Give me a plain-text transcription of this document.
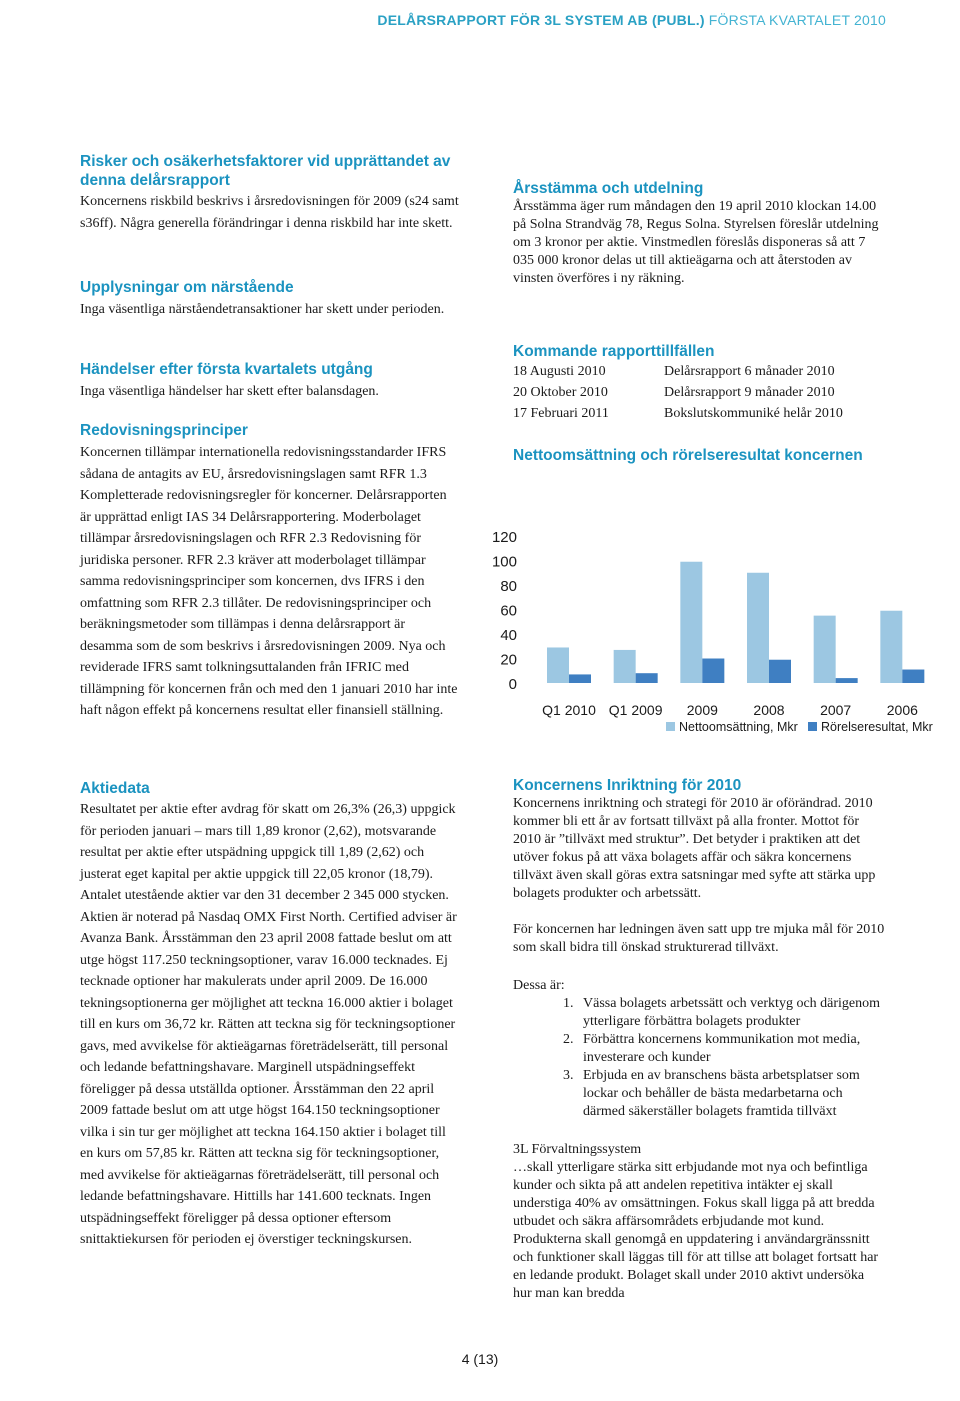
DELÅRSRAPPORT FÖR 3L SYSTEM AB (PUBL.) FÖRSTA KVARTALET 2010
Risker och osäkerhetsfaktorer vid upprättandet av denna delårsrapport

Koncernens riskbild beskrivs i årsredovisningen för 2009 (s24 samt s36ff). Några generella förändringar i denna riskbild har inte skett.

Upplysningar om närstående

Inga väsentliga närståendetransaktioner har skett under perioden.

Händelser efter första kvartalets utgång

Inga väsentliga händelser har skett efter balansdagen.

Redovisningsprinciper

Koncernen tillämpar internationella redovisningsstandarder IFRS sådana de antagits av EU, årsredovisningslagen samt RFR 1.3 Kompletterade redovisningsregler för koncerner. Delårsrapporten är upprättad enligt IAS 34 Delårsrapportering. Moderbolaget tillämpar årsredovisningslagen och RFR 2.3 Redovisning för juridiska personer. RFR 2.3 kräver att moderbolaget tillämpar samma redovisningsprinciper som koncernen, dvs IFRS i den omfattning som RFR 2.3 tillåter. De redovisningsprinciper och beräkningsmetoder som tillämpas i denna delårsrapport är desamma som de som beskrivs i årsredovisningen 2009. Nya och reviderade IFRS samt tolkningsuttalanden från IFRIC med tillämpning för koncernen från och med den 1 januari 2010 har inte haft någon effekt på koncernens resultat eller finansiell ställning.

Aktiedata

Resultatet per aktie efter avdrag för skatt om 26,3% (26,3) uppgick för perioden januari – mars till 1,89 kronor (2,62), motsvarande resultat per aktie efter utspädning uppgick till 1,89 (2,62) och justerat eget kapital per aktie uppgick till 22,05 kronor (18,79). Antalet utestående aktier var den 31 december 2 345 000 stycken. Aktien är noterad på Nasdaq OMX First North. Certified adviser är Avanza Bank. Årsstämman den 23 april 2008 fattade beslut om att utge högst 117.250 teckningsoptioner, varav 16.000 tecknades. Ej tecknade optioner har makulerats under april 2009. De 16.000 tekningsoptionerna ger möjlighet att teckna 16.000 aktier i bolaget till en kurs om 36,72 kr. Rätten att teckna sig för teckningsoptioner gavs, med avvikelse för aktieägarnas företrädelserätt, till personal och ledande befattningshavare. Marginell utspädningseffekt föreligger på dessa utställda optioner. Årsstämman den 22 april 2009 fattade beslut om att utge högst 164.150 teckningsoptioner vilka i sin tur ger möjlighet att teckna 164.150 aktier i bolaget till en kurs om 57,85 kr. Rätten att teckna sig för teckningsoptioner, med avvikelse för aktieägarnas företrädelserätt, till personal och ledande befattningshavare. Hittills har 141.600 tecknats. Ingen utspädningseffekt föreligger på dessa optioner eftersom snittaktiekursen för perioden ej överstiger teckningskursen.

Årsstämma och utdelning

Årsstämma äger rum måndagen den 19 april 2010 klockan 14.00 på Solna Strandväg 78, Regus Solna. Styrelsen föreslår utdelning om 3 kronor per aktie. Vinstmedlen föreslås disponeras så att 7 035 000 kronor delas ut till aktieägarna och att återstoden av vinsten överföres i ny räkning.

Kommande rapporttillfällen
18 Augusti 2010	Delårsrapport 6 månader 2010
20 Oktober 2010	Delårsrapport 9 månader 2010
17 Februari 2011	Bokslutskommuniké helår 2010
Nettoomsättning och rörelseresultat koncernen
0
20
40
60
80
100
120
Q1 2010 Q1 2009 2009	2008	2007	2006
Nettoomsättning, Mkr Rörelseresultat, Mkr
Koncernens Inriktning för 2010

Koncernens inriktning och strategi för 2010 är oförändrad. 2010 kommer bli ett år av fortsatt tillväxt på alla fronter. Mottot för 2010 är ”tillväxt med struktur”. Det betyder i praktiken att det utöver fokus på att växa bolagets affär och säkra koncernens tillväxt även skall göras extra satsningar med syfte att stärka upp bolagets produkter och arbetssätt.

För koncernen har ledningen även satt upp tre mjuka mål för 2010 som skall bidra till önskad strukturerad tillväxt.

Dessa är:

1. Vässa bolagets arbetssätt och verktyg och därigenom ytterligare förbättra bolagets produkter
2. Förbättra koncernens kommunikation mot media, investerare och kunder
3. Erbjuda en av branschens bästa arbetsplatser som lockar och behåller de bästa medarbetarna och därmed säkerställer bolagets framtida tillväxt

3L Förvaltningssystem

…skall ytterligare stärka sitt erbjudande mot nya och befintliga kunder och sikta på att andelen repetitiva intäkter ej skall understiga 40% av omsättningen. Fokus skall ligga på att bredda utbudet och säkra affärsområdets erbjudande mot kund. Produkterna skall genomgå en uppdatering i användargränssnitt och funktioner skall läggas till för att tillse att bolaget fortsatt har en ledande produkt. Bolaget skall under 2010 aktivt undersöka hur man kan bredda

4 (13)
